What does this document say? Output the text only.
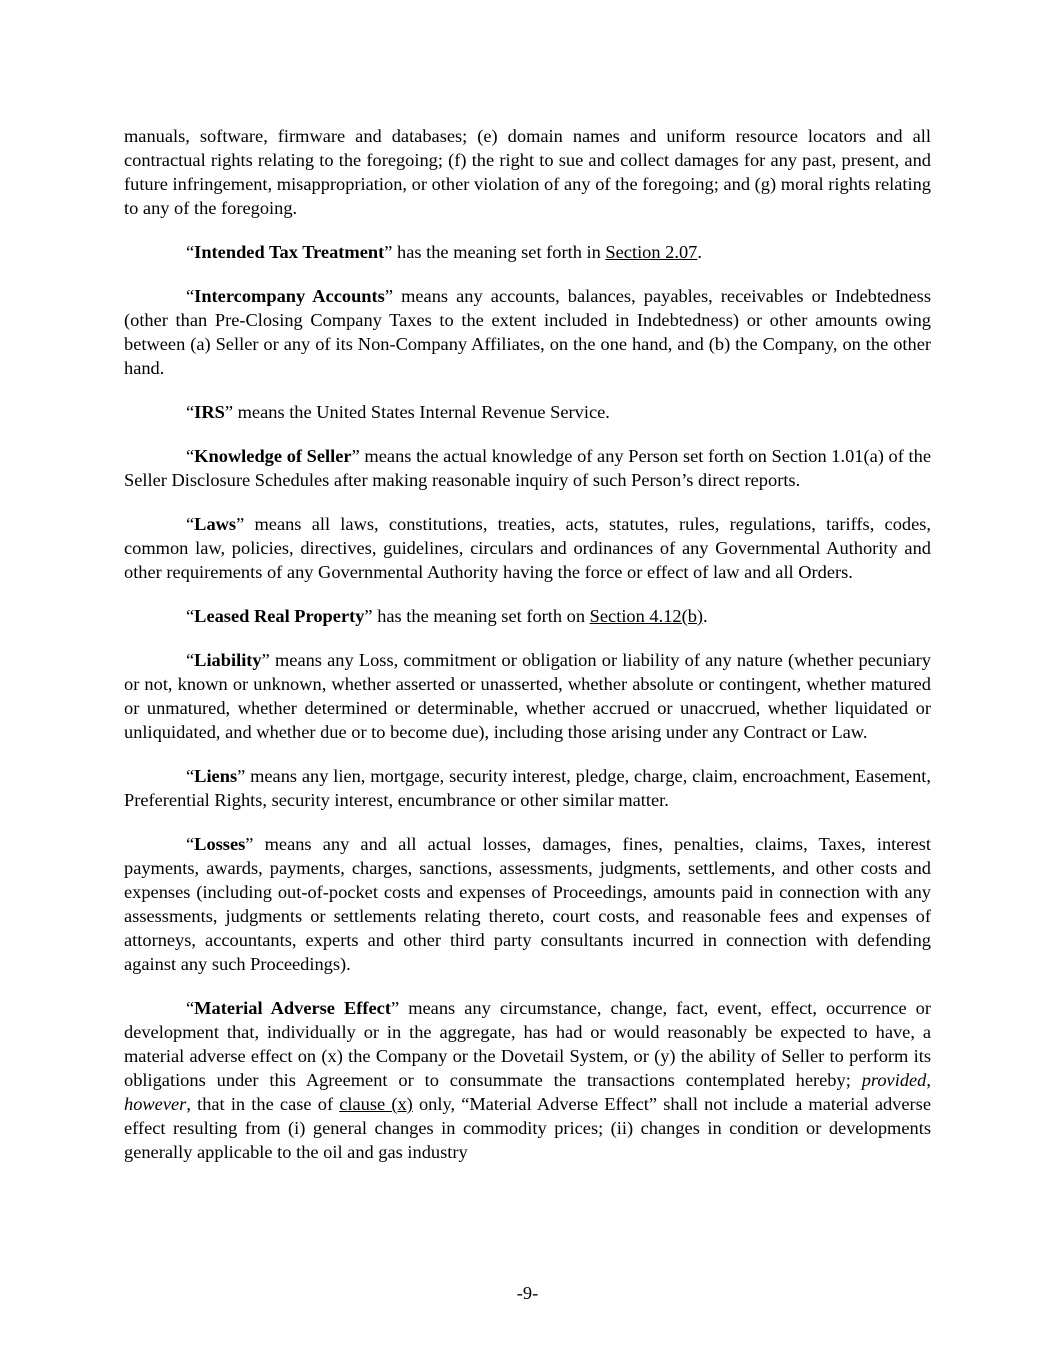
manuals, software, firmware and databases; (e) domain names and uniform resource locators and all contractual rights relating to the foregoing; (f) the right to sue and collect damages for any past, present, and future infringement, misappropriation, or other violation of any of the foregoing; and (g) moral rights relating to any of the foregoing.

“Intended Tax Treatment” has the meaning set forth in Section 2.07.

“Intercompany Accounts” means any accounts, balances, payables, receivables or Indebtedness (other than Pre-Closing Company Taxes to the extent included in Indebtedness) or other amounts owing between (a) Seller or any of its Non-Company Affiliates, on the one hand, and (b) the Company, on the other hand.

“IRS” means the United States Internal Revenue Service.

“Knowledge of Seller” means the actual knowledge of any Person set forth on Section 1.01(a) of the Seller Disclosure Schedules after making reasonable inquiry of such Person’s direct reports.

“Laws” means all laws, constitutions, treaties, acts, statutes, rules, regulations, tariffs, codes, common law, policies, directives, guidelines, circulars and ordinances of any Governmental Authority and other requirements of any Governmental Authority having the force or effect of law and all Orders.

“Leased Real Property” has the meaning set forth on Section 4.12(b).

“Liability” means any Loss, commitment or obligation or liability of any nature (whether pecuniary or not, known or unknown, whether asserted or unasserted, whether absolute or contingent, whether matured or unmatured, whether determined or determinable, whether accrued or unaccrued, whether liquidated or unliquidated, and whether due or to become due), including those arising under any Contract or Law.

“Liens” means any lien, mortgage, security interest, pledge, charge, claim, encroachment, Easement, Preferential Rights, security interest, encumbrance or other similar matter.

“Losses” means any and all actual losses, damages, fines, penalties, claims, Taxes, interest payments, awards, payments, charges, sanctions, assessments, judgments, settlements, and other costs and expenses (including out-of-pocket costs and expenses of Proceedings, amounts paid in connection with any assessments, judgments or settlements relating thereto, court costs, and reasonable fees and expenses of attorneys, accountants, experts and other third party consultants incurred in connection with defending against any such Proceedings).

“Material Adverse Effect” means any circumstance, change, fact, event, effect, occurrence or development that, individually or in the aggregate, has had or would reasonably be expected to have, a material adverse effect on (x) the Company or the Dovetail System, or (y) the ability of Seller to perform its obligations under this Agreement or to consummate the transactions contemplated hereby; provided, however, that in the case of clause (x) only, “Material Adverse Effect” shall not include a material adverse effect resulting from (i) general changes in commodity prices; (ii) changes in condition or developments generally applicable to the oil and gas industry

-9-
